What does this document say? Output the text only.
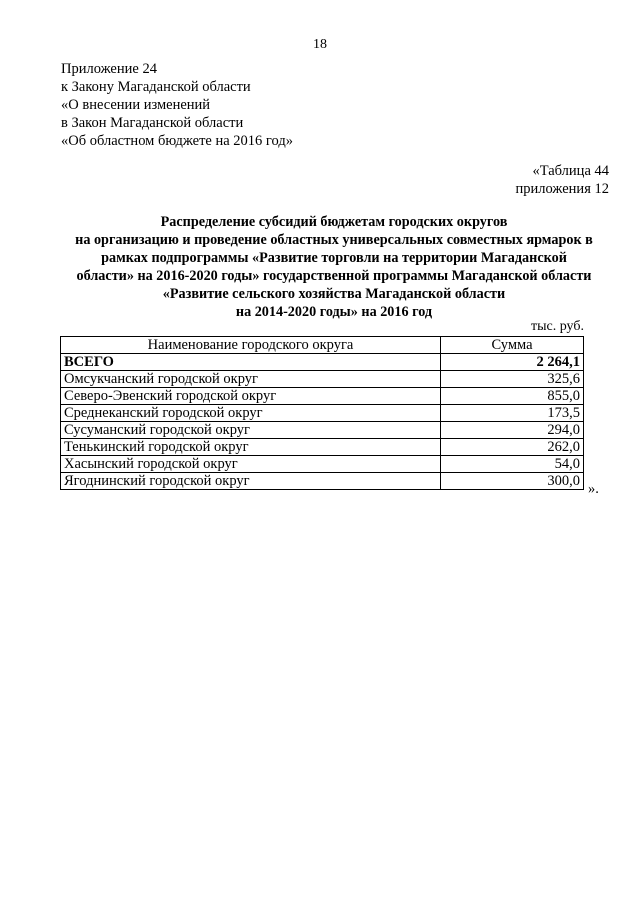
18
Приложение 24
к Закону Магаданской области
«О внесении изменений
в Закон Магаданской области
«Об областном бюджете на 2016 год»
«Таблица 44
приложения 12
Распределение субсидий бюджетам городских округов
на организацию и проведение областных универсальных совместных ярмарок в
рамках подпрограммы «Развитие торговли на территории Магаданской
области» на 2016-2020 годы» государственной программы Магаданской области
«Развитие сельского хозяйства Магаданской области
на 2014-2020 годы» на 2016 год
тыс. руб.
Наименование городского округа	Сумма
ВСЕГО	2 264,1
Омсукчанский городской округ	325,6
Северо-Эвенский городской округ	855,0
Среднеканский городской округ	173,5
Сусуманский городской округ	294,0
Тенькинский городской округ	262,0
Хасынский городской округ	54,0
Ягоднинский городской округ	300,0 ».
